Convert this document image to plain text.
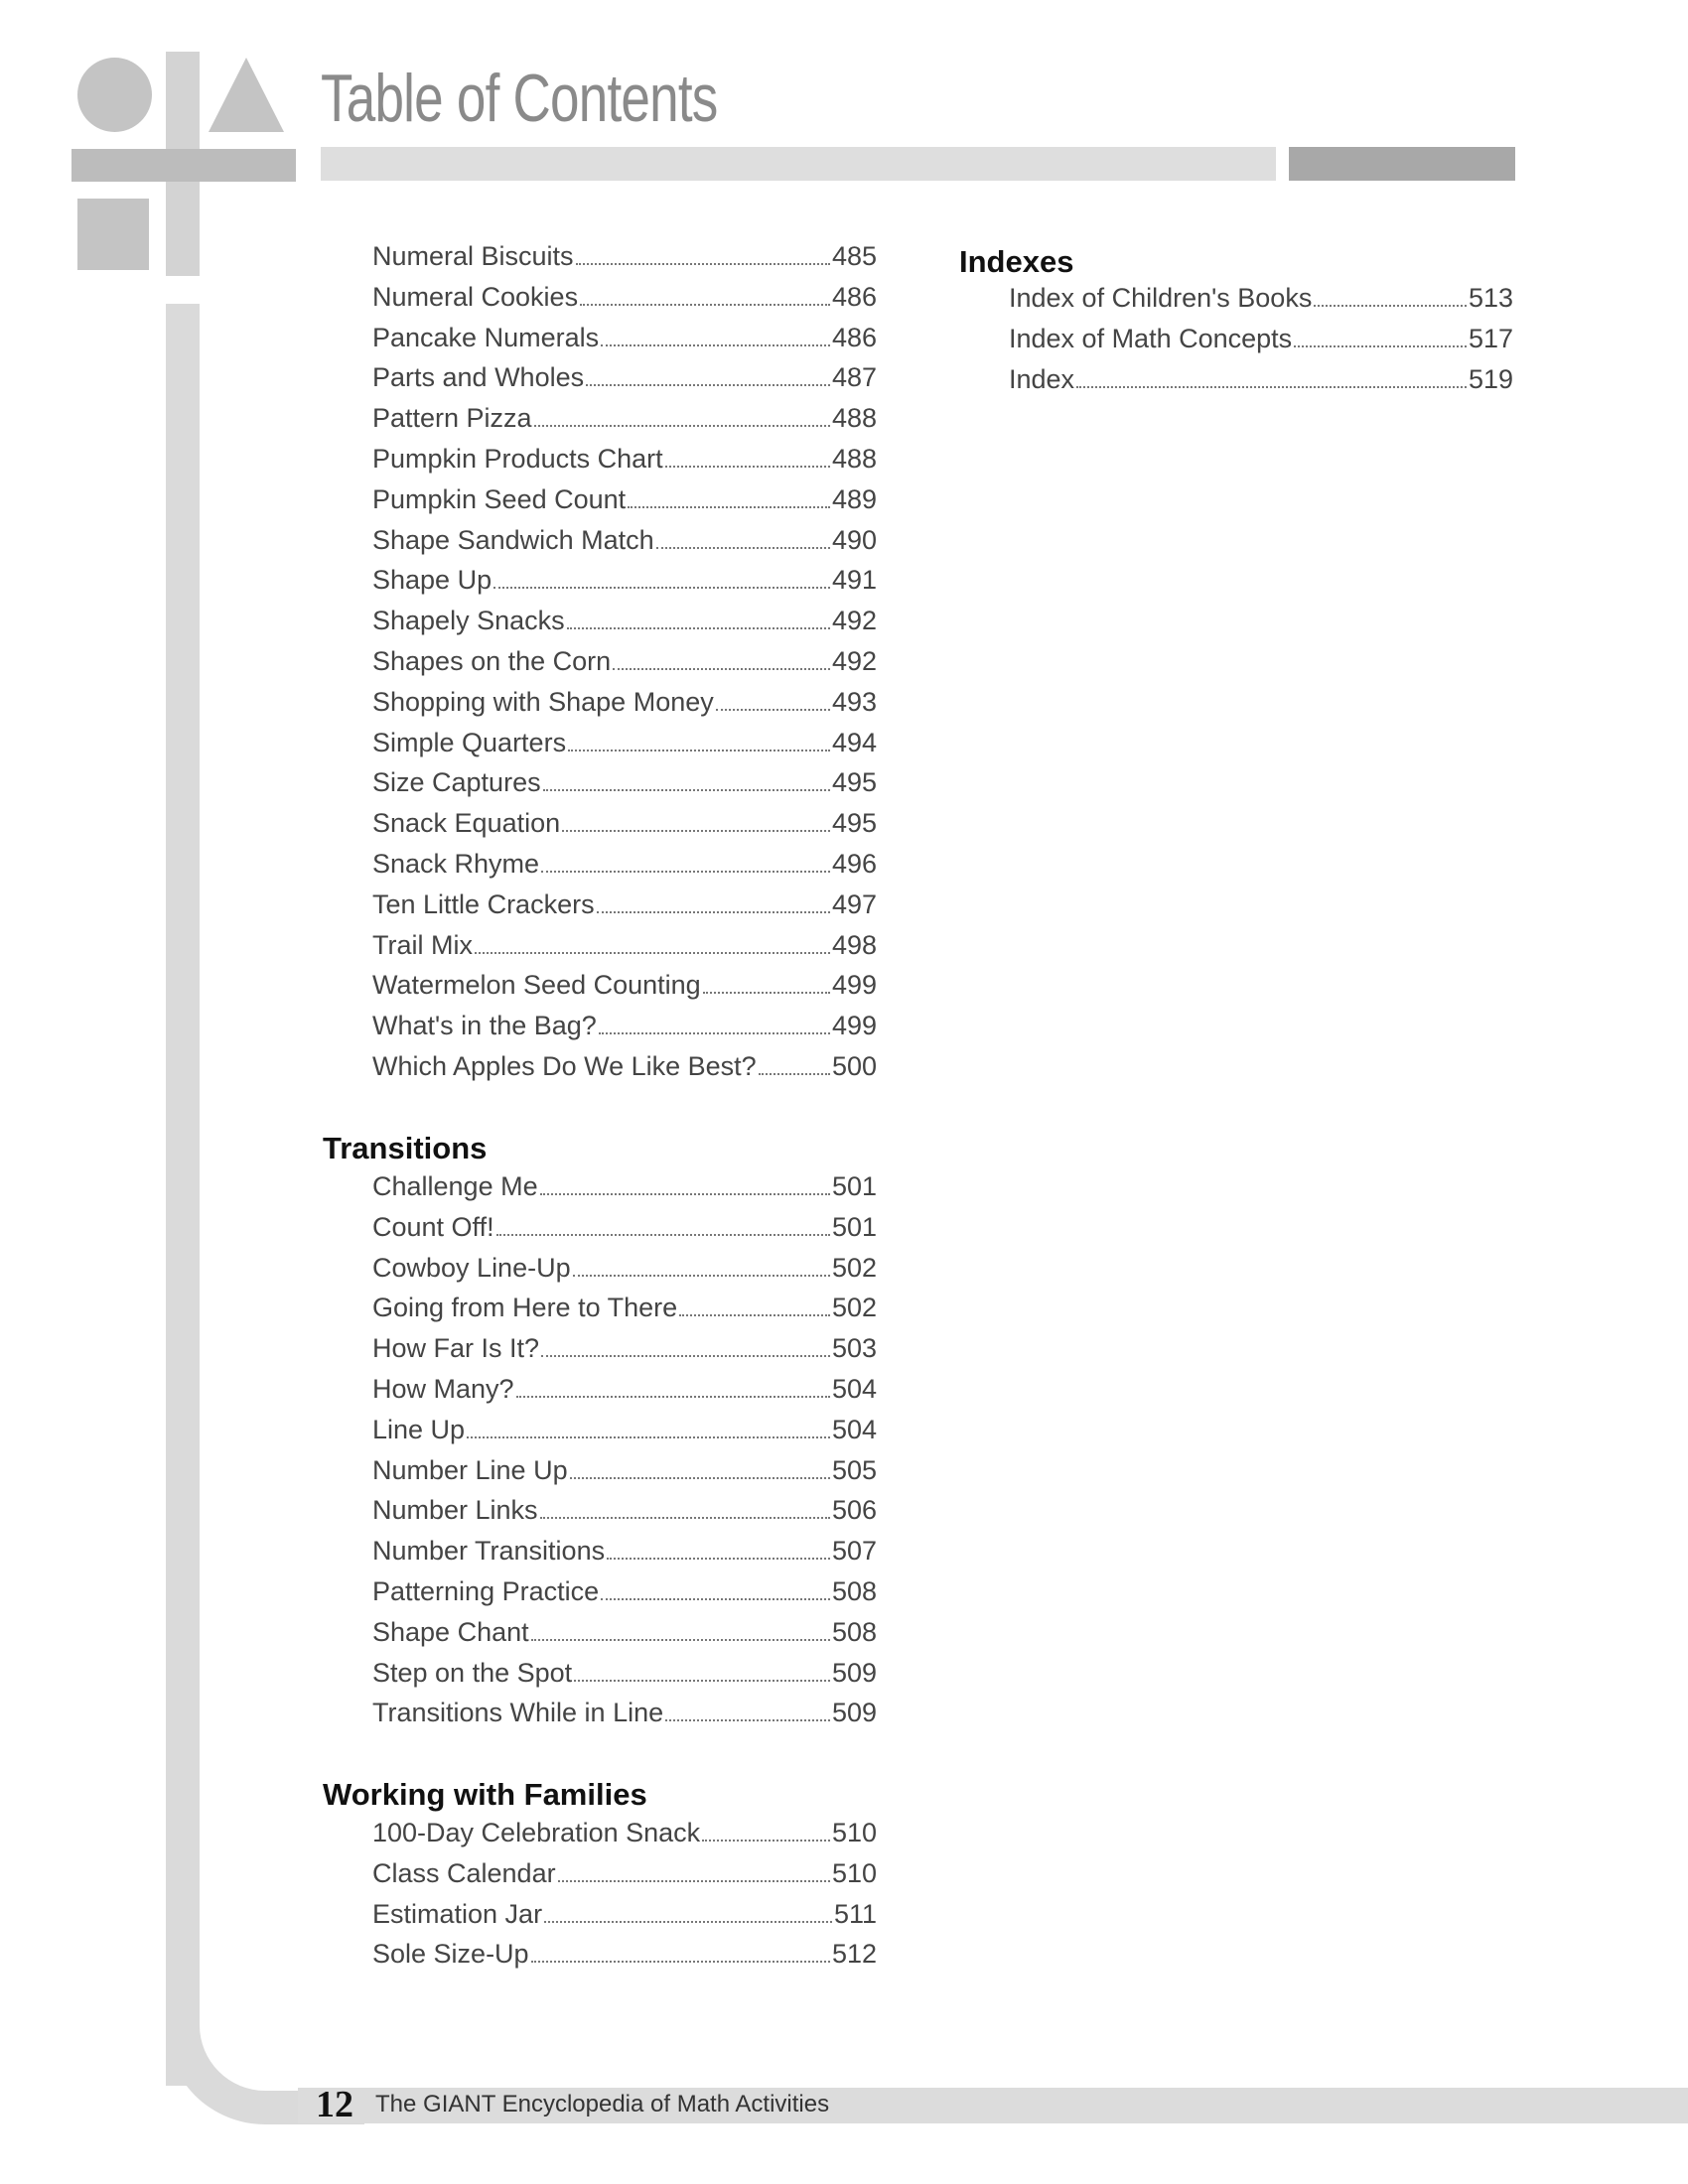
Table of Contents
Numeral Biscuits	485
Numeral Cookies	486
Pancake Numerals	486
Parts and Wholes	487
Pattern Pizza	488
Pumpkin Products Chart	488
Pumpkin Seed Count	489
Shape Sandwich Match	490
Shape Up	491
Shapely Snacks	492
Shapes on the Corn	492
Shopping with Shape Money	493
Simple Quarters	494
Size Captures	495
Snack Equation	495
Snack Rhyme	496
Ten Little Crackers	497
Trail Mix	498
Watermelon Seed Counting	499
What's in the Bag?	499
Which Apples Do We Like Best?	500
Transitions
Challenge Me	501
Count Off!	501
Cowboy Line-Up	502
Going from Here to There	502
How Far Is It?	503
How Many?	504
Line Up	504
Number Line Up	505
Number Links	506
Number Transitions	507
Patterning Practice	508
Shape Chant	508
Step on the Spot	509
Transitions While in Line	509
Working with Families
100-Day Celebration Snack	510
Class Calendar	510
Estimation Jar	511
Sole Size-Up	512
Indexes
Index of Children's Books	513
Index of Math Concepts	517
Index	519
12 The GIANT Encyclopedia of Math Activities
